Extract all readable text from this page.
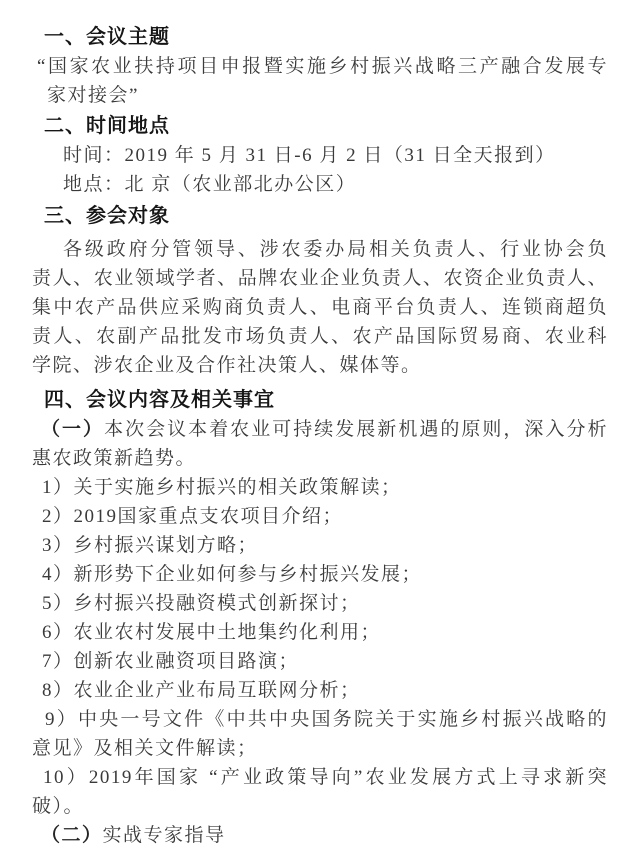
一、会议主题
“国家农业扶持项目申报暨实施乡村振兴战略三产融合发展专
家对接会”
二、时间地点
时间：2019 年 5 月 31 日-6 月 2 日（31 日全天报到）
地点：北 京（农业部北办公区）
三、参会对象
各级政府分管领导、涉农委办局相关负责人、行业协会负
责人、农业领域学者、品牌农业企业负责人、农资企业负责人、
集中农产品供应采购商负责人、电商平台负责人、连锁商超负
责人、农副产品批发市场负责人、农产品国际贸易商、农业科
学院、涉农企业及合作社决策人、媒体等。
四、会议内容及相关事宜
（一）本次会议本着农业可持续发展新机遇的原则，深入分析
惠农政策新趋势。
1）关于实施乡村振兴的相关政策解读；
2）2019国家重点支农项目介绍；
3）乡村振兴谋划方略；
4）新形势下企业如何参与乡村振兴发展；
5）乡村振兴投融资模式创新探讨；
6）农业农村发展中土地集约化利用；
7）创新农业融资项目路演；
8）农业企业产业布局互联网分析；
9）中央一号文件《中共中央国务院关于实施乡村振兴战略的
意见》及相关文件解读；
10）2019年国家 “产业政策导向”农业发展方式上寻求新突
破）。
（二）实战专家指导
